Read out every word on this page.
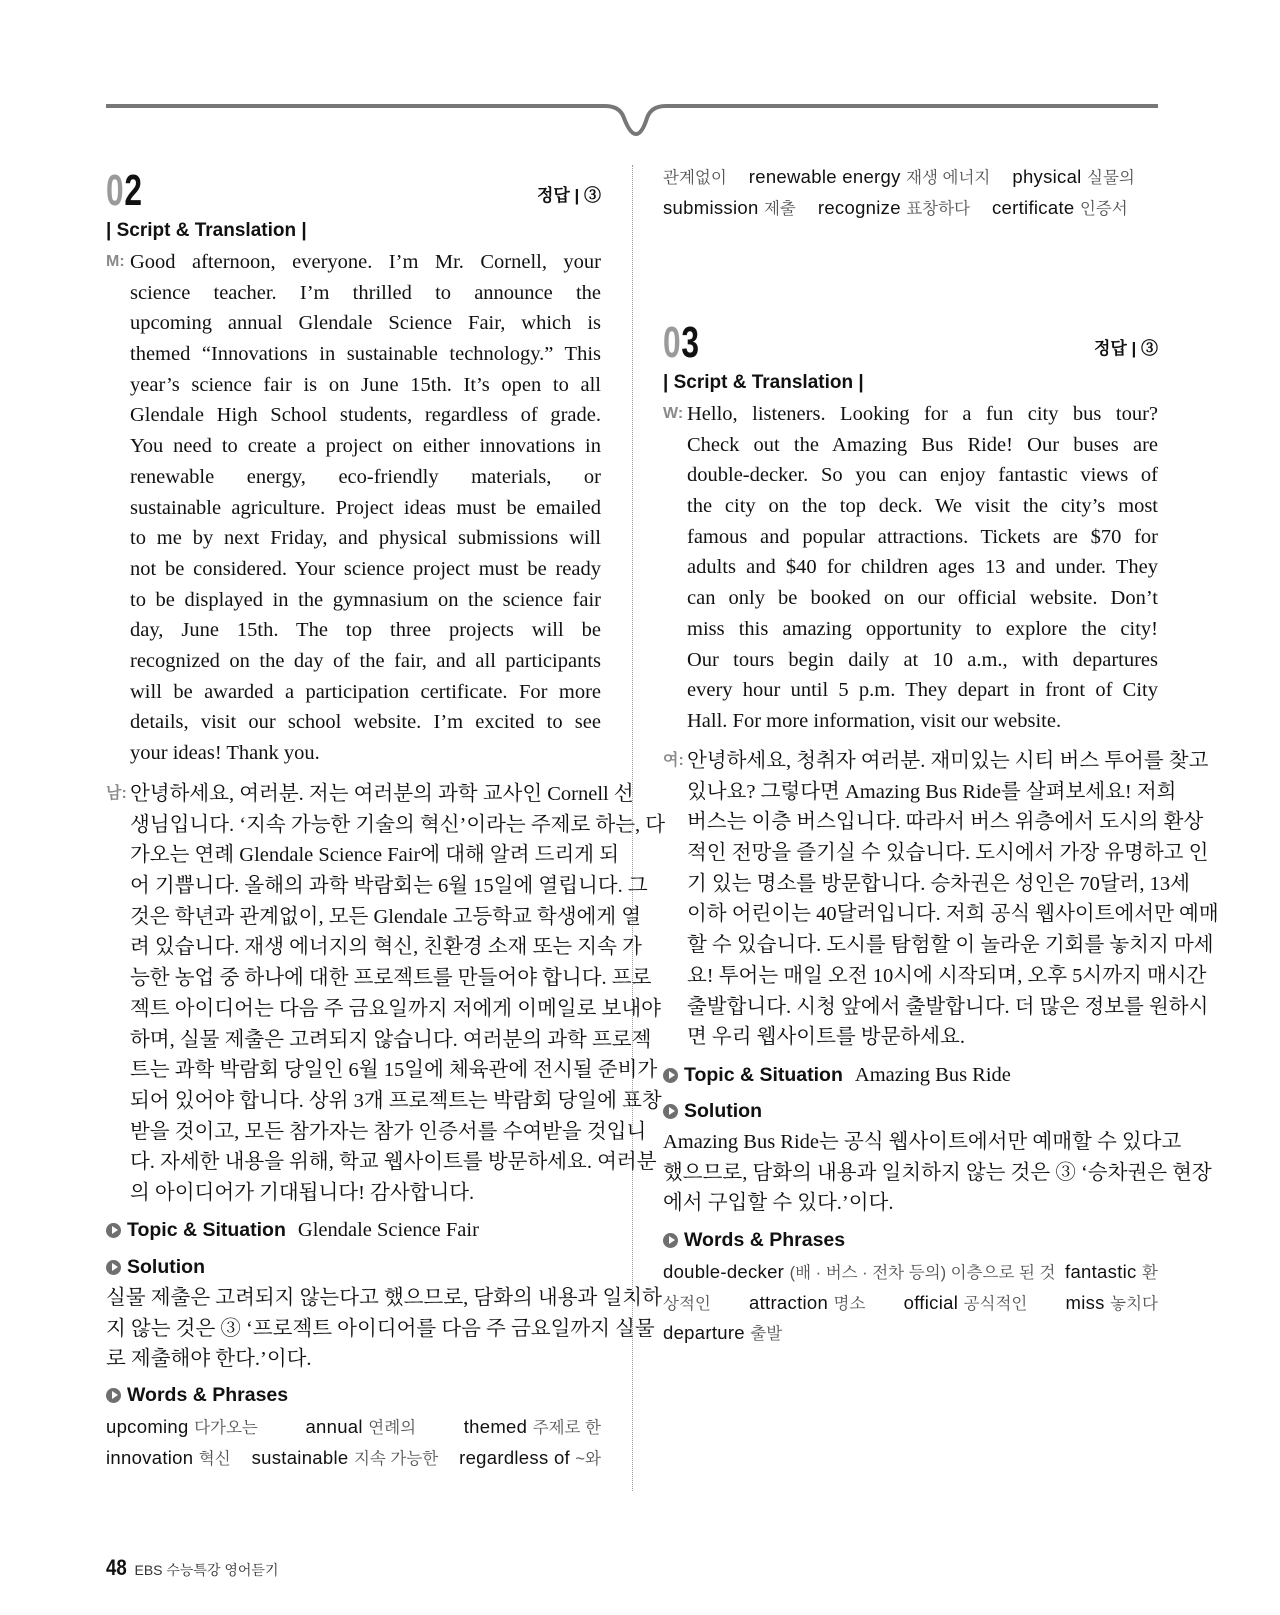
02	정답 | ③
| Script & Translation |
M: Good afternoon, everyone. I’m Mr. Cornell, your
science teacher. I’m thrilled to announce the
upcoming annual Glendale Science Fair, which is
themed “Innovations in sustainable technology.” This
year’s science fair is on June 15th. It’s open to all
Glendale High School students, regardless of grade.
You need to create a project on either innovations in
renewable energy, eco-friendly materials, or
sustainable agriculture. Project ideas must be emailed
to me by next Friday, and physical submissions will
not be considered. Your science project must be ready
to be displayed in the gymnasium on the science fair
day, June 15th. The top three projects will be
recognized on the day of the fair, and all participants
will be awarded a participation certificate. For more
details, visit our school website. I’m excited to see
your ideas! Thank you.
남: 안녕하세요, 여러분. 저는 여러분의 과학 교사인 Cornell 선
생님입니다. ‘지속 가능한 기술의 혁신’이라는 주제로 하는, 다
가오는 연례 Glendale Science Fair에 대해 알려 드리게 되
어 기쁩니다. 올해의 과학 박람회는 6월 15일에 열립니다. 그
것은 학년과 관계없이, 모든 Glendale 고등학교 학생에게 열
려 있습니다. 재생 에너지의 혁신, 친환경 소재 또는 지속 가
능한 농업 중 하나에 대한 프로젝트를 만들어야 합니다. 프로
젝트 아이디어는 다음 주 금요일까지 저에게 이메일로 보내야
하며, 실물 제출은 고려되지 않습니다. 여러분의 과학 프로젝
트는 과학 박람회 당일인 6월 15일에 체육관에 전시될 준비가
되어 있어야 합니다. 상위 3개 프로젝트는 박람회 당일에 표창
받을 것이고, 모든 참가자는 참가 인증서를 수여받을 것입니
다. 자세한 내용을 위해, 학교 웹사이트를 방문하세요. 여러분
의 아이디어가 기대됩니다! 감사합니다.
Topic & Situation Glendale Science Fair
Solution
실물 제출은 고려되지 않는다고 했으므로, 담화의 내용과 일치하
지 않는 것은 ③ ‘프로젝트 아이디어를 다음 주 금요일까지 실물
로 제출해야 한다.’이다.
Words & Phrases
upcoming 다가오는	annual 연례의	themed 주제로 한
innovation 혁신 sustainable 지속 가능한 regardless of ~와
관계없이 renewable energy 재생 에너지 physical 실물의
submission 제출 recognize 표창하다 certificate 인증서
03	정답 | ③
| Script & Translation |
W: Hello, listeners. Looking for a fun city bus tour?
Check out the Amazing Bus Ride! Our buses are
double-decker. So you can enjoy fantastic views of
the city on the top deck. We visit the city’s most
famous and popular attractions. Tickets are $70 for
adults and $40 for children ages 13 and under. They
can only be booked on our official website. Don’t
miss this amazing opportunity to explore the city!
Our tours begin daily at 10 a.m., with departures
every hour until 5 p.m. They depart in front of City
Hall. For more information, visit our website.
여: 안녕하세요, 청취자 여러분. 재미있는 시티 버스 투어를 찾고
있나요? 그렇다면 Amazing Bus Ride를 살펴보세요! 저희
버스는 이층 버스입니다. 따라서 버스 위층에서 도시의 환상
적인 전망을 즐기실 수 있습니다. 도시에서 가장 유명하고 인
기 있는 명소를 방문합니다. 승차권은 성인은 70달러, 13세
이하 어린이는 40달러입니다. 저희 공식 웹사이트에서만 예매
할 수 있습니다. 도시를 탐험할 이 놀라운 기회를 놓치지 마세
요! 투어는 매일 오전 10시에 시작되며, 오후 5시까지 매시간
출발합니다. 시청 앞에서 출발합니다. 더 많은 정보를 원하시
면 우리 웹사이트를 방문하세요.
Topic & Situation Amazing Bus Ride
Solution
Amazing Bus Ride는 공식 웹사이트에서만 예매할 수 있다고
했으므로, 담화의 내용과 일치하지 않는 것은 ③ ‘승차권은 현장
에서 구입할 수 있다.’이다.
Words & Phrases
double-decker (배 · 버스 · 전차 등의) 이층으로 된 것 fantastic 환
상적인 attraction 명소 official 공식적인 miss 놓치다
departure 출발
48 EBS 수능특강 영어듣기
